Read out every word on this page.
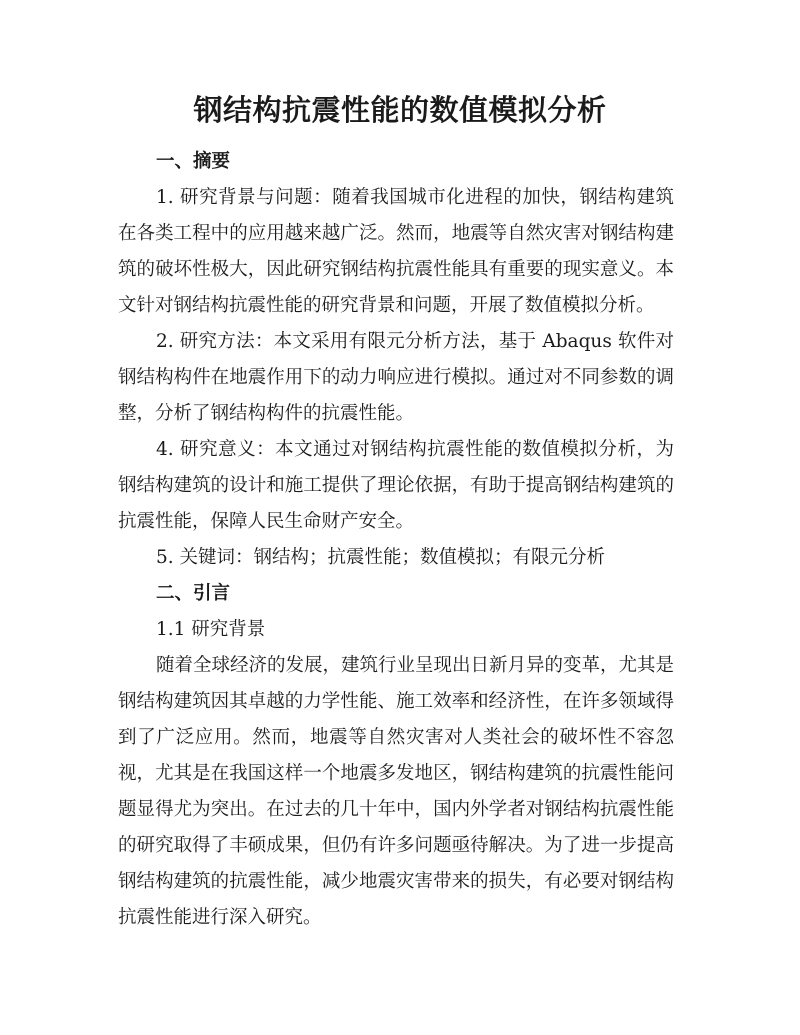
钢结构抗震性能的数值模拟分析
一、摘要

1. 研究背景与问题：随着我国城市化进程的加快，钢结构建筑在各类工程中的应用越来越广泛。然而，地震等自然灾害对钢结构建筑的破坏性极大，因此研究钢结构抗震性能具有重要的现实意义。本文针对钢结构抗震性能的研究背景和问题，开展了数值模拟分析。

2. 研究方法：本文采用有限元分析方法，基于 Abaqus 软件对钢结构构件在地震作用下的动力响应进行模拟。通过对不同参数的调整，分析了钢结构构件的抗震性能。

4. 研究意义：本文通过对钢结构抗震性能的数值模拟分析，为钢结构建筑的设计和施工提供了理论依据，有助于提高钢结构建筑的抗震性能，保障人民生命财产安全。

5. 关键词：钢结构；抗震性能；数值模拟；有限元分析

二、引言
1.1 研究背景

随着全球经济的发展，建筑行业呈现出日新月异的变革，尤其是钢结构建筑因其卓越的力学性能、施工效率和经济性，在许多领域得到了广泛应用。然而，地震等自然灾害对人类社会的破坏性不容忽视，尤其是在我国这样一个地震多发地区，钢结构建筑的抗震性能问题显得尤为突出。在过去的几十年中，国内外学者对钢结构抗震性能的研究取得了丰硕成果，但仍有许多问题亟待解决。为了进一步提高钢结构建筑的抗震性能，减少地震灾害带来的损失，有必要对钢结构抗震性能进行深入研究。
